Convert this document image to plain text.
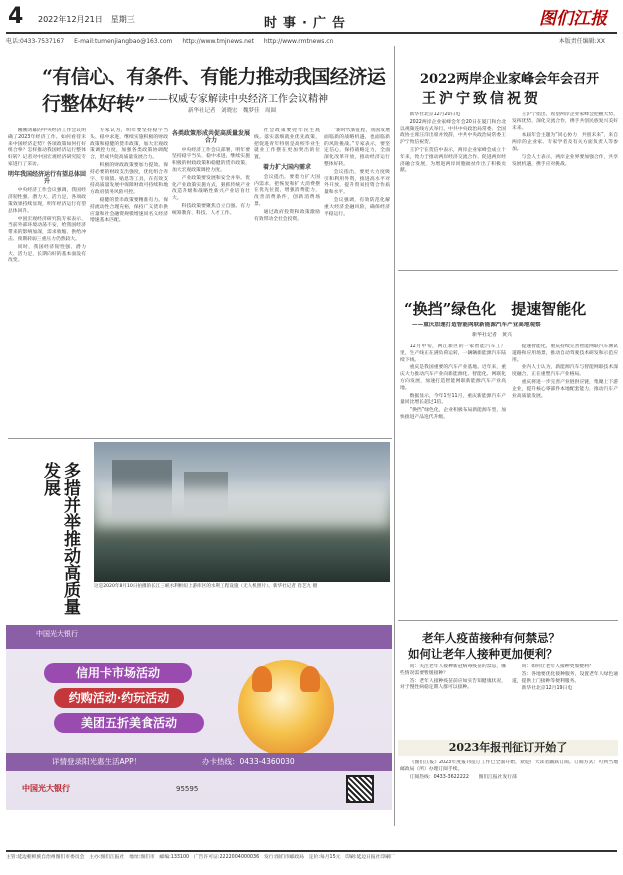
4 2022年12月21日　星期三	时事·广告	图们江报
电话:0433-7537167 E-mail:tumenjiangbao@163.com http://www.tmjnews.net http://www.rmtnews.cn	本版责任编辑:XX
“有信心、有条件、有能力推动我国经济运行整体好转” ——权威专家解读中央经济工作会议精神
新华社记者　刘晓宏　魏梦佳　周圆

刚刚闭幕的中央经济工作会议明确了2023年经济工作。如何看待未来中国经济走势？各项政策如何打好组合拳？怎样推动我国经济运行整体好转？记者对中国宏观经济研究院专家进行了采访。

明年我国经济运行有望总体回升

中央经济工作会议强调，我国经济韧性强、潜力大、活力足，各项政策效果持续显现，明年经济运行有望总体回升。

中国宏观经济研究院专家表示，当前外部环境动荡不安，给我国经济带来的影响加深，需求收缩、供给冲击、预期转弱三重压力仍然较大。

同时，我国经济韧性强、潜力大、活力足，长期向好的基本面没有改变。

专家认为，明年要坚持稳字当头、稳中求进，继续实施积极的财政政策和稳健的货币政策，加大宏观政策调控力度，加强各类政策协调配合，形成共促高质量发展合力。

积极的财政政策要加力提效。保持必要的财政支出强度，优化组合赤字、专项债、贴息等工具，在有效支持高质量发展中保障财政可持续和地方政府债务风险可控。

稳健的货币政策要精准有力。保持流动性合理充裕，保持广义货币供应量和社会融资规模增速同名义经济增速基本匹配。

各类政策形成共促高质量发展合力

中央经济工作会议部署，明年要坚持稳字当头、稳中求进，继续实施积极的财政政策和稳健的货币政策，加大宏观政策调控力度。

产业政策要发展和安全并举。优化产业政策实施方式，狠抓传统产业改造升级和战略性新兴产业培育壮大。

科技政策要聚焦自立自强。有力统筹教育、科技、人才工作。

社会政策要兜牢民生底线。落实落细就业优先政策，把促进青年特别是高校毕业生就业工作摆在更加突出的位置。

着力扩大国内需求

会议提出，要着力扩大国内需求，把恢复和扩大消费摆在优先位置，增强消费能力，改善消费条件，创新消费场景。

通过政府投资和政策激励有效带动全社会投资。

“新时代新征程，我国发展面临新的战略机遇，也面临新的风险挑战。”专家表示，要坚定信心，保持战略定力，全面深化改革开放，推动经济运行整体好转。

会议指出，要更大力度吸引和利用外资，推进高水平对外开放，提升贸易投资合作质量和水平。

会议强调，有效防范化解重大经济金融风险，确保经济平稳运行。

多措并举推动高质量发展
这是2020年8月10日拍摄的长江三峡水利枢纽上游库区的水利工程设施（无人机照片）。新华社记者 肖艺九 摄
2022两岸企业家峰会年会召开
王沪宁致信祝贺

新华社北京12月20日电

2022两岸企业家峰会年会20日在厦门和台北以视频连线方式举行。中共中央政治局常委、全国政协主席汪洋出席并致辞，中共中央政治局常委王沪宁致信祝贺。

王沪宁在贺信中表示，两岸企业家峰会成立十年来，致力于推动两岸经济交流合作、促进两岸经济融合发展，为增进两岸同胞福祉作出了积极贡献。

王沪宁指出，希望两岸企业家峰会把握大势，发挥优势，深化交流合作，携手共创民族复兴美好未来。

本届年会主题为“同心协力　共创未来”，来自两岸的企业家、专家学者及有关方面负责人等参加。

与会人士表示，两岸企业界要加强合作，共享发展机遇，携手应对挑战。

“换挡”绿色化　提速智能化
——重庆加速打造智能网联新能源汽车产业高地观察
新华社记者　黄兴

12月中旬，两江新区的一家智能汽车工厂里，生产线正在满负荷运转，一辆辆新能源汽车陆续下线。

重庆是我国重要的汽车产业基地。近年来，重庆大力推动汽车产业向新能源化、智能化、网联化方向发展，加速打造智能网联新能源汽车产业高地。

数据显示，今年1至11月，重庆新能源汽车产量同比增长超过1倍。

“换挡”绿色化，企业积极布局新能源车型，加快推进产品迭代升级。

提速智能化，重庆持续完善智能网联汽车测试道路和应用场景，推动自动驾驶技术研发和示范应用。

业内人士认为，新能源汽车与智能网联技术深度融合，正在重塑汽车产业格局。

重庆将进一步完善产业链供应链，集聚上下游企业，提升核心零部件本地配套能力，推动汽车产业高质量发展。

老年人疫苗接种有何禁忌？
如何让老年人接种更加便利？

问：关注老年人接种新冠病毒疫苗的禁忌，哪些情况需要暂缓接种？

答：老年人接种疫苗前应如实告知健康状况，对于慢性病稳定期人群可以接种。

问：如何让老年人接种更加便利？

答：各地要优化接种服务，设置老年人绿色通道，提供上门接种等便利服务。

新华社北京12月19日电

2023年报刊征订开始了

《图们江报》2023年度报刊征订工作已全面开始，欢迎广大读者踊跃订阅。订阅方式：可到当地邮政局（所）办理订阅手续。

订阅热线：0433-3622222　　图们江报社发行部

中国光大银行
信用卡市场活动
约购活动·约玩活动
美团五折美食活动
详情登录阳光惠生活APP！	办卡热线：0433-4360030
中国光大银行	95595
主管:延边朝鲜族自治州图们市委员会　主办:图们江报社　地址:图们市　邮编:133100　广告许可证:2222004000036　发行:图们市邮政局　定价:每月15元　印刷:延边日报社印刷厂
